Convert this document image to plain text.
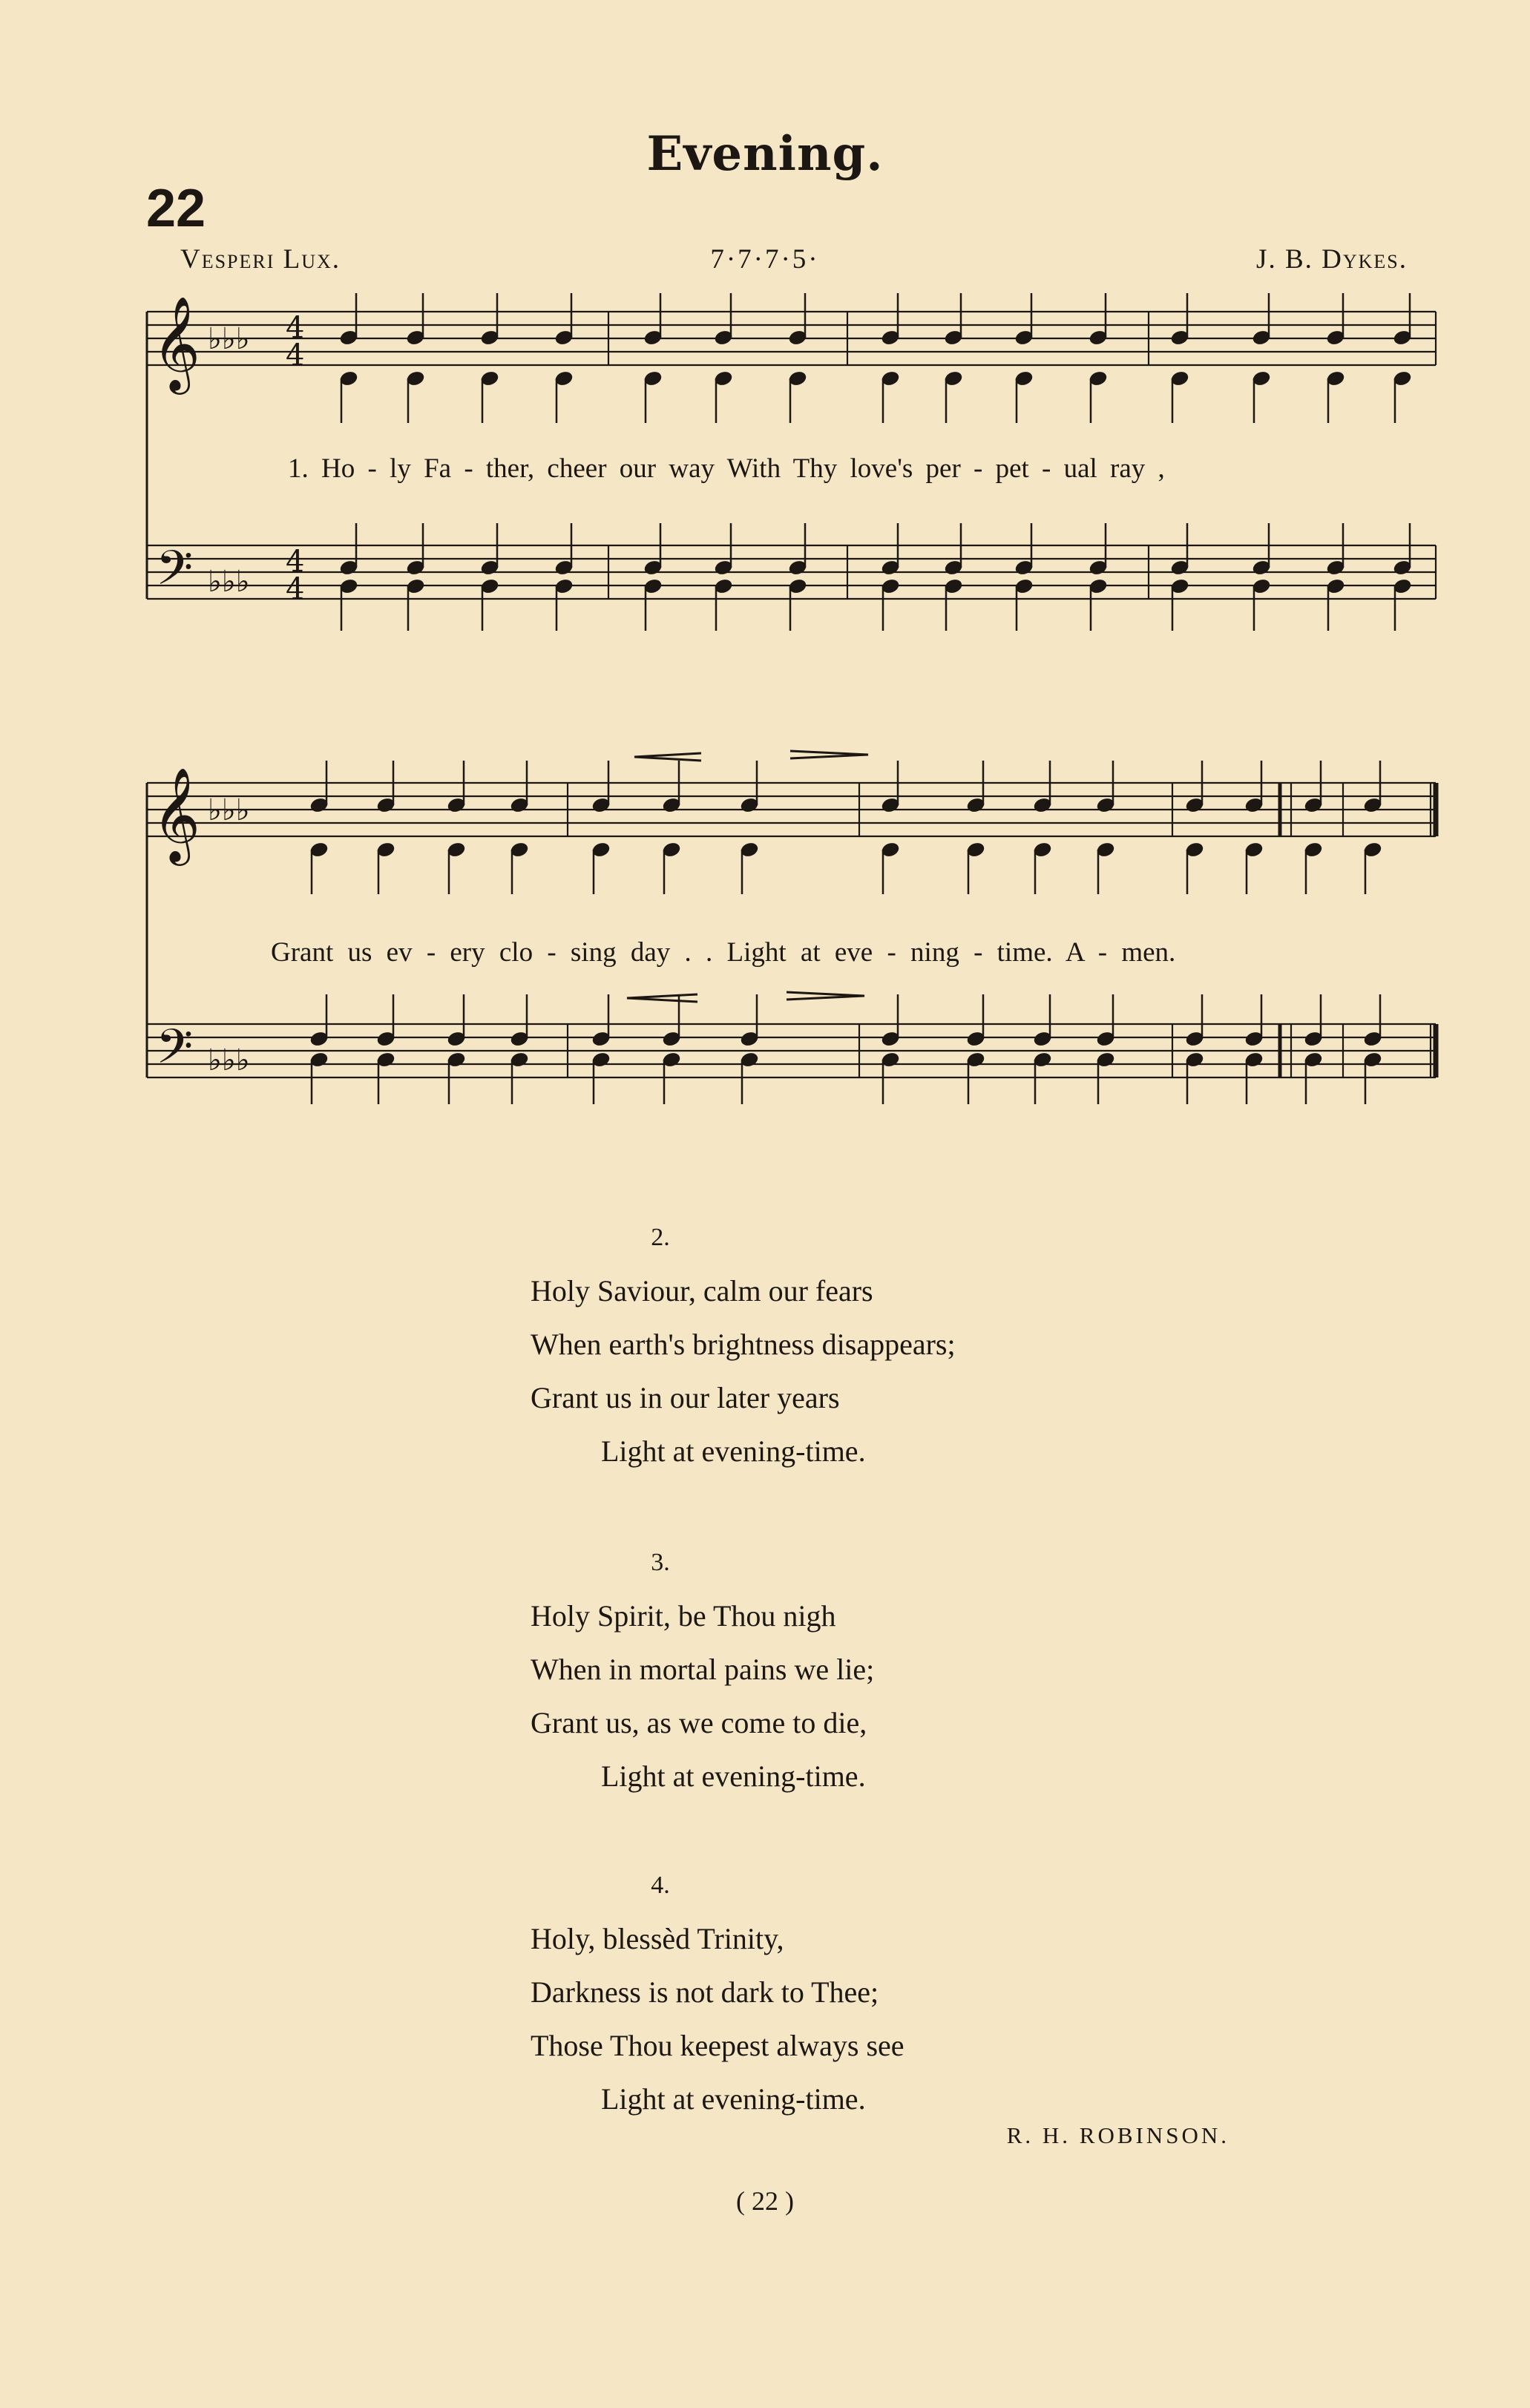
Evening.
22
Vesperi Lux.	7·7·7·5·	J. B. Dykes.
𝄞
𝄞
𝄢
𝄢
♭♭♭
♭♭♭
♭♭♭
♭♭♭
4
4
4
4
1. Ho - ly Fa - ther, cheer our way With Thy love's per - pet - ual ray ,
Grant us ev - ery clo - sing day . . Light at eve - ning - time. A - men.
2.
Holy Saviour, calm our fears
When earth's brightness disappears;
Grant us in our later years
Light at evening-time.
3.
Holy Spirit, be Thou nigh
When in mortal pains we lie;
Grant us, as we come to die,
Light at evening-time.
4.
Holy, blessèd Trinity,
Darkness is not dark to Thee;
Those Thou keepest always see
Light at evening-time.
R. H. ROBINSON.
( 22 )
